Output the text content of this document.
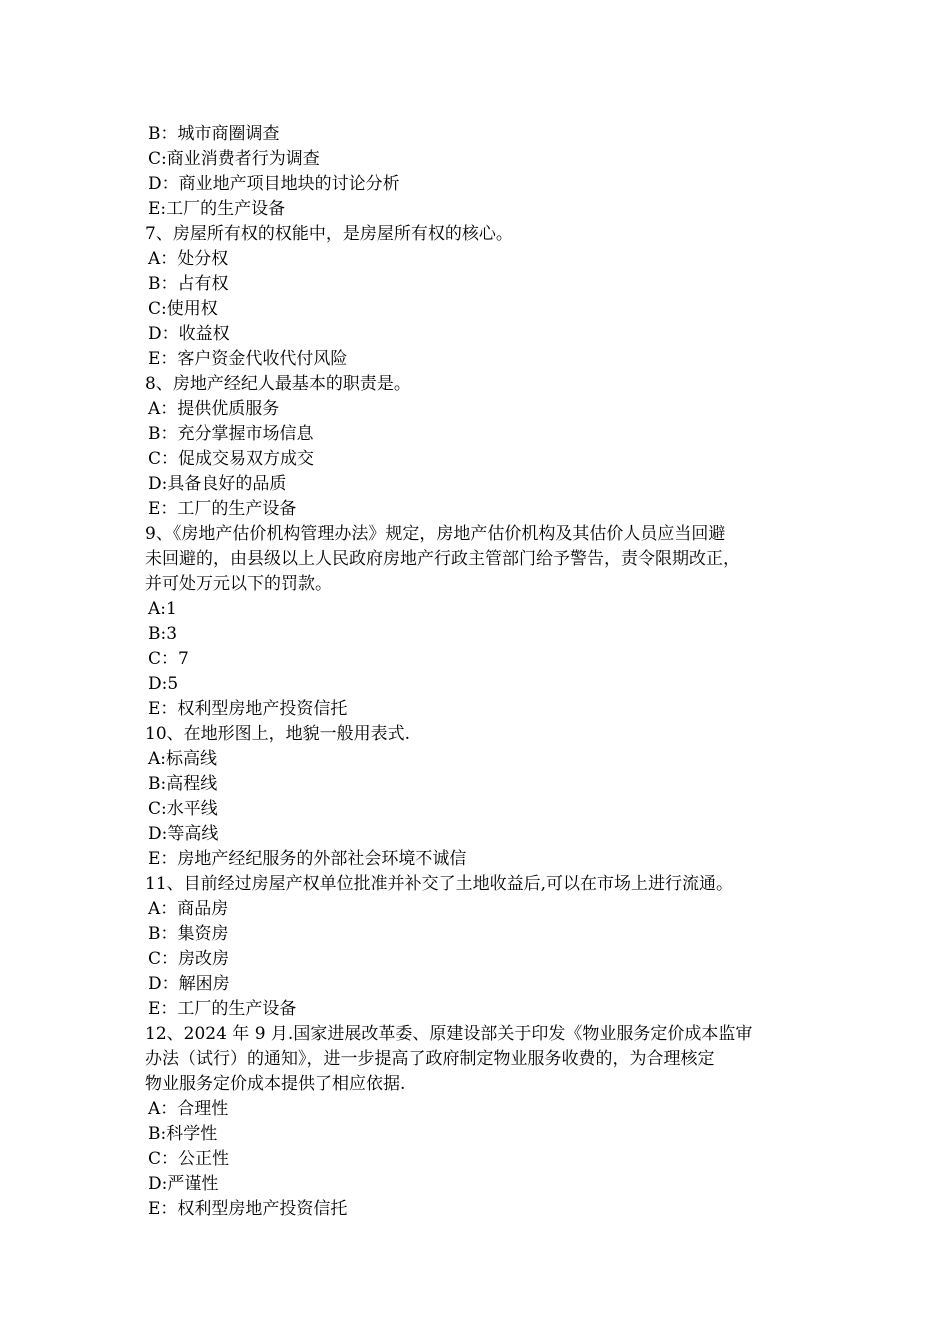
B：城市商圈调查
C:商业消费者行为调查
D：商业地产项目地块的讨论分析
E:工厂的生产设备
7、房屋所有权的权能中，是房屋所有权的核心。
A：处分权
B：占有权
C:使用权
D：收益权
E：客户资金代收代付风险
8、房地产经纪人最基本的职责是。
A：提供优质服务
B：充分掌握市场信息
C：促成交易双方成交
D:具备良好的品质
E：工厂的生产设备
9、《房地产估价机构管理办法》规定，房地产估价机构及其估价人员应当回避
未回避的，由县级以上人民政府房地产行政主管部门给予警告，责令限期改正，
并可处万元以下的罚款。
A:1
B:3
C：7
D:5
E：权利型房地产投资信托
10、在地形图上，地貌一般用表式.
A:标高线
B:高程线
C:水平线
D:等高线
E：房地产经纪服务的外部社会环境不诚信
11、目前经过房屋产权单位批准并补交了土地收益后,可以在市场上进行流通。
A：商品房
B：集资房
C：房改房
D：解困房
E：工厂的生产设备
12、2024 年 9 月.国家进展改革委、原建设部关于印发《物业服务定价成本监审
办法（试行）的通知》，进一步提高了政府制定物业服务收费的，为合理核定
物业服务定价成本提供了相应依据.
A：合理性
B:科学性
C：公正性
D:严谨性
E：权利型房地产投资信托
